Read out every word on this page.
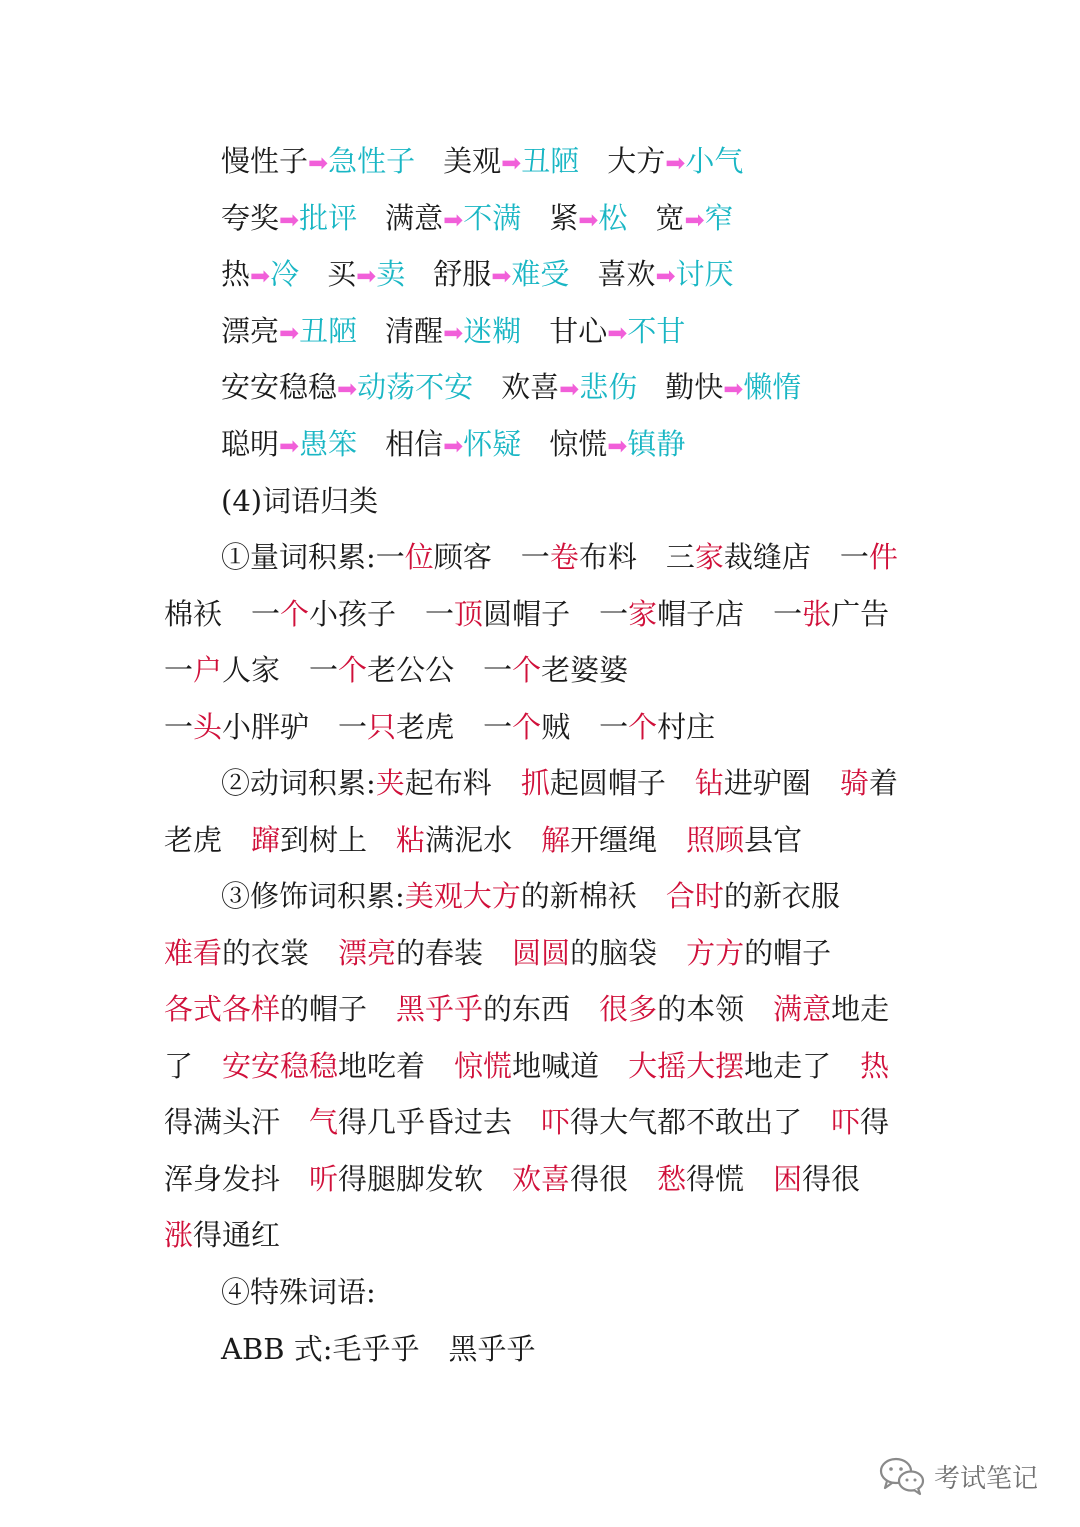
慢性子➡急性子 美观➡丑陋 大方➡小气
夸奖➡批评 满意➡不满 紧➡松 宽➡窄
热➡冷 买➡卖 舒服➡难受 喜欢➡讨厌
漂亮➡丑陋 清醒➡迷糊 甘心➡不甘
安安稳稳➡动荡不安 欢喜➡悲伤 勤快➡懒惰
聪明➡愚笨 相信➡怀疑 惊慌➡镇静
(4)词语归类
①量词积累:一位顾客　一卷布料　三家裁缝店　一件
棉袄　一个小孩子　一顶圆帽子　一家帽子店　一张广告
一户人家　一个老公公　一个老婆婆
一头小胖驴　一只老虎　一个贼　一个村庄
②动词积累:夹起布料　抓起圆帽子　钻进驴圈　骑着
老虎　蹿到树上　粘满泥水　解开缰绳　照顾县官
③修饰词积累:美观大方的新棉袄　合时的新衣服
难看的衣裳　漂亮的春装　圆圆的脑袋　方方的帽子
各式各样的帽子　黑乎乎的东西　很多的本领　满意地走
了　安安稳稳地吃着　惊慌地喊道　大摇大摆地走了　热
得满头汗　气得几乎昏过去　吓得大气都不敢出了　吓得
浑身发抖　听得腿脚发软　欢喜得很　愁得慌　困得很
涨得通红
④特殊词语:
ABB 式:毛乎乎　黑乎乎
考试笔记
